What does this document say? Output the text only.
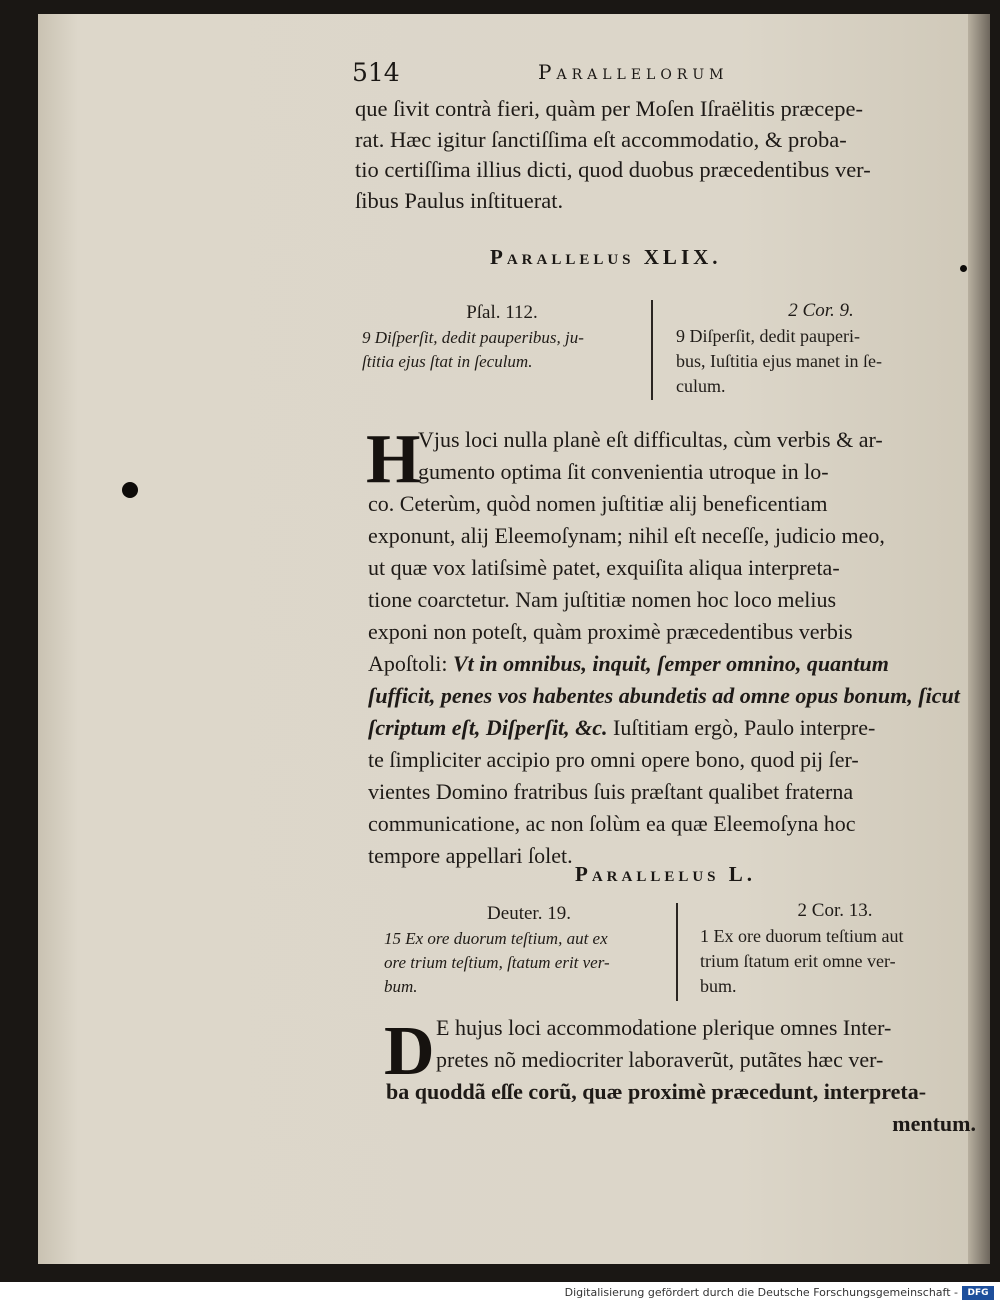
514	Parallelorum
que ſivit contrà fieri, quàm per Moſen Iſraëlitis præcepe-
rat. Hæc igitur ſanctiſſima eſt accommodatio, & proba-
tio certiſſima illius dicti, quod duobus præcedentibus ver-
ſibus Paulus inſtituerat.
Parallelus XLIX.
Pſal. 112.
9 Diſperſit, dedit pauperibus, ju-
ſtitia ejus ſtat in ſeculum.
2 Cor. 9.
9 Diſperſit, dedit pauperi-
bus, Iuſtitia ejus manet in ſe-
culum.
H
Vjus loci nulla planè eſt difficultas, cùm verbis & ar-
gumento optima ſit convenientia utroque in lo-
co. Ceterùm, quòd nomen juſtitiæ alij beneficentiam
exponunt, alij Eleemoſynam; nihil eſt neceſſe, judicio meo,
ut quæ vox latiſsimè patet, exquiſita aliqua interpreta-
tione coarctetur. Nam juſtitiæ nomen hoc loco melius
exponi non poteſt, quàm proximè præcedentibus verbis
Apoſtoli: Vt in omnibus, inquit, ſemper omnino, quantum
ſufficit, penes vos habentes abundetis ad omne opus bonum, ſicut
ſcriptum eſt, Diſperſit, &c. Iuſtitiam ergò, Paulo interpre-
te ſimpliciter accipio pro omni opere bono, quod pij ſer-
vientes Domino fratribus ſuis præſtant qualibet fraterna
communicatione, ac non ſolùm ea quæ Eleemoſyna hoc
tempore appellari ſolet.
Parallelus L.
Deuter. 19.
15 Ex ore duorum teſtium, aut ex
ore trium teſtium, ſtatum erit ver-
bum.
2 Cor. 13.
1 Ex ore duorum teſtium aut
trium ſtatum erit omne ver-
bum.
D E hujus loci accommodatione plerique omnes Inter-
pretes nõ mediocriter laboraverũt, putãtes hæc ver-
ba quoddã eſſe corũ, quæ proximè præcedunt, interpreta-
mentum.
Digitalisierung gefördert durch die Deutsche Forschungsgemeinschaft -	DFG
